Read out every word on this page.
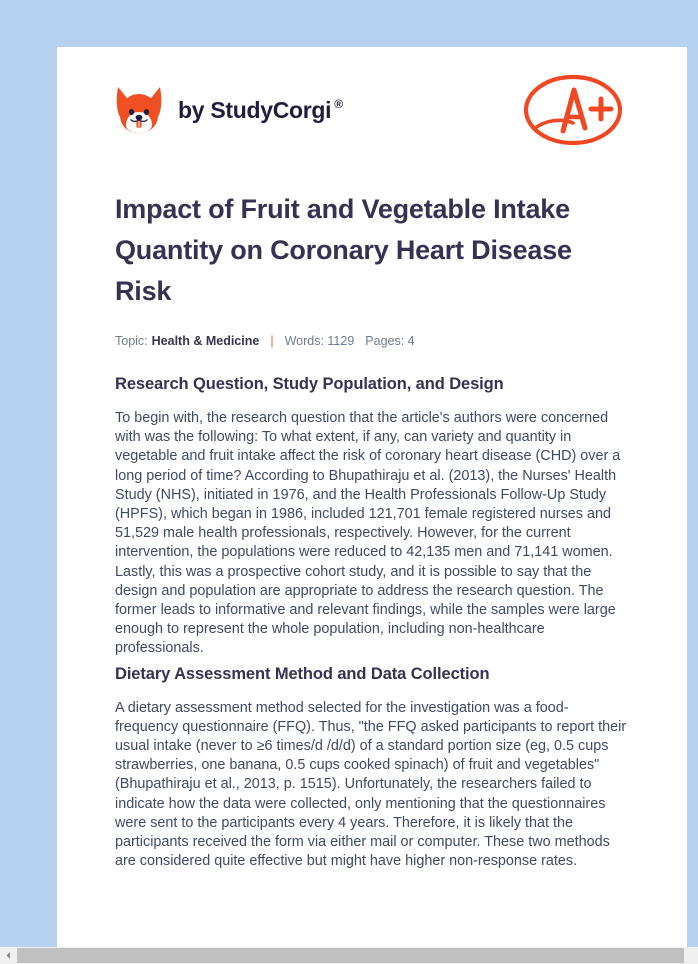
by StudyCorgi ®
Impact of Fruit and Vegetable Intake Quantity on Coronary Heart Disease Risk
Topic: Health & Medicine | Words: 1129 Pages: 4
Research Question, Study Population, and Design

To begin with, the research question that the article's authors were concerned with was the following: To what extent, if any, can variety and quantity in vegetable and fruit intake affect the risk of coronary heart disease (CHD) over a long period of time? According to Bhupathiraju et al. (2013), the Nurses' Health Study (NHS), initiated in 1976, and the Health Professionals Follow-Up Study (HPFS), which began in 1986, included 121,701 female registered nurses and 51,529 male health professionals, respectively. However, for the current intervention, the populations were reduced to 42,135 men and 71,141 women. Lastly, this was a prospective cohort study, and it is possible to say that the design and population are appropriate to address the research question. The former leads to informative and relevant findings, while the samples were large enough to represent the whole population, including non-healthcare professionals.

Dietary Assessment Method and Data Collection

A dietary assessment method selected for the investigation was a food-frequency questionnaire (FFQ). Thus, "the FFQ asked participants to report their usual intake (never to ≥6 times/d /d/d) of a standard portion size (eg, 0.5 cups strawberries, one banana, 0.5 cups cooked spinach) of fruit and vegetables" (Bhupathiraju et al., 2013, p. 1515). Unfortunately, the researchers failed to indicate how the data were collected, only mentioning that the questionnaires were sent to the participants every 4 years. Therefore, it is likely that the participants received the form via either mail or computer. These two methods are considered quite effective but might have higher non-response rates.
